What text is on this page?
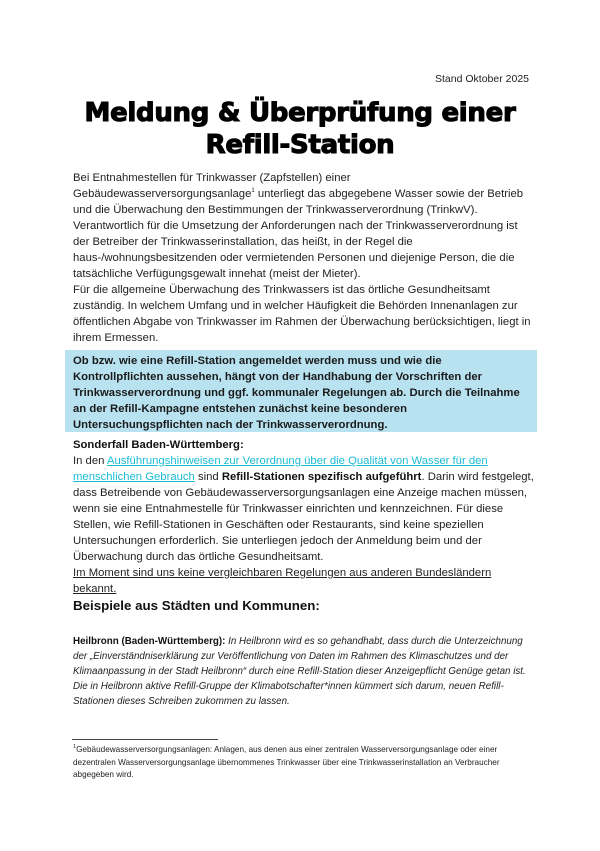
Stand Oktober 2025
Meldung & Überprüfung einer
Refill-Station

Bei Entnahmestellen für Trinkwasser (Zapfstellen) einer Gebäudewasserversorgungsanlage$^1$ unterliegt das abgegebene Wasser sowie der Betrieb und die Überwachung den Bestimmungen der Trinkwasserverordnung (TrinkwV). Verantwortlich für die Umsetzung der Anforderungen nach der Trinkwasserverordnung ist der Betreiber der Trinkwasserinstallation, das heißt, in der Regel die haus-/wohnungsbesitzenden oder vermietenden Personen und diejenige Person, die die tatsächliche Verfügungsgewalt innehat (meist der Mieter).

Für die allgemeine Überwachung des Trinkwassers ist das örtliche Gesundheitsamt zuständig. In welchem Umfang und in welcher Häufigkeit die Behörden Innenanlagen zur öffentlichen Abgabe von Trinkwasser im Rahmen der Überwachung berücksichtigen, liegt in ihrem Ermessen.

Ob bzw. wie eine Refill-Station angemeldet werden muss und wie die Kontrollpflichten aussehen, hängt von der Handhabung der Vorschriften der Trinkwasserverordnung und ggf. kommunaler Regelungen ab. Durch die Teilnahme an der Refill-Kampagne entstehen zunächst keine besonderen Untersuchungspflichten nach der Trinkwasserverordnung.

Sonderfall Baden-Württemberg:
In den Ausführungshinweisen zur Verordnung über die Qualität von Wasser für den menschlichen Gebrauch sind Refill-Stationen spezifisch aufgeführt. Darin wird festgelegt, dass Betreibende von Gebäudewasserversorgungsanlagen eine Anzeige machen müssen, wenn sie eine Entnahmestelle für Trinkwasser einrichten und kennzeichnen. Für diese Stellen, wie Refill-Stationen in Geschäften oder Restaurants, sind keine speziellen Untersuchungen erforderlich. Sie unterliegen jedoch der Anmeldung beim und der Überwachung durch das örtliche Gesundheitsamt.

Im Moment sind uns keine vergleichbaren Regelungen aus anderen Bundesländern bekannt.

Beispiele aus Städten und Kommunen:

Heilbronn (Baden-Württemberg): In Heilbronn wird es so gehandhabt, dass durch die Unterzeichnung der „Einverständniserklärung zur Veröffentlichung von Daten im Rahmen des Klimaschutzes und der Klimaanpassung in der Stadt Heilbronn“ durch eine Refill-Station dieser Anzeigepflicht Genüge getan ist. Die in Heilbronn aktive Refill-Gruppe der Klimabotschafter*innen kümmert sich darum, neuen Refill-Stationen dieses Schreiben zukommen zu lassen.

$^1$Gebäudewasserversorgungsanlagen: Anlagen, aus denen aus einer zentralen Wasserversorgungsanlage oder einer dezentralen Wasserversorgungsanlage übernommenes Trinkwasser über eine Trinkwasserinstallation an Verbraucher abgegeben wird.
